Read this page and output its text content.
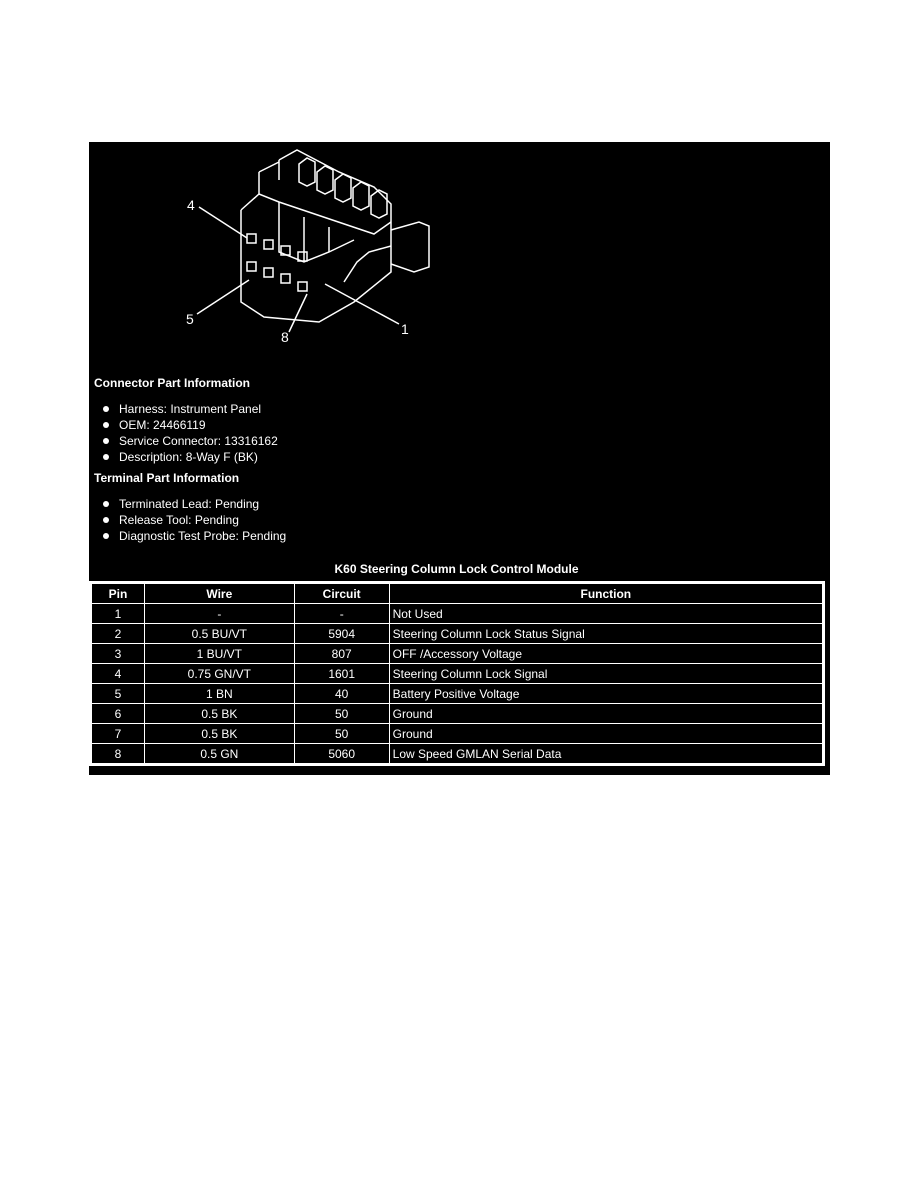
4
5
8	1
Connector Part Information
Harness: Instrument Panel
OEM: 24466119
Service Connector: 13316162
Description: 8-Way F (BK)
Terminal Part Information
Terminated Lead: Pending
Release Tool: Pending
Diagnostic Test Probe: Pending
K60 Steering Column Lock Control Module
Pin	Wire	Circuit	Function
1	-	-	Not Used
2	0.5 BU/VT	5904	Steering Column Lock Status Signal
3	1 BU/VT	807	OFF /Accessory Voltage
4	0.75 GN/VT	1601	Steering Column Lock Signal
5	1 BN	40	Battery Positive Voltage
6	0.5 BK	50	Ground
7	0.5 BK	50	Ground
8	0.5 GN	5060	Low Speed GMLAN Serial Data
